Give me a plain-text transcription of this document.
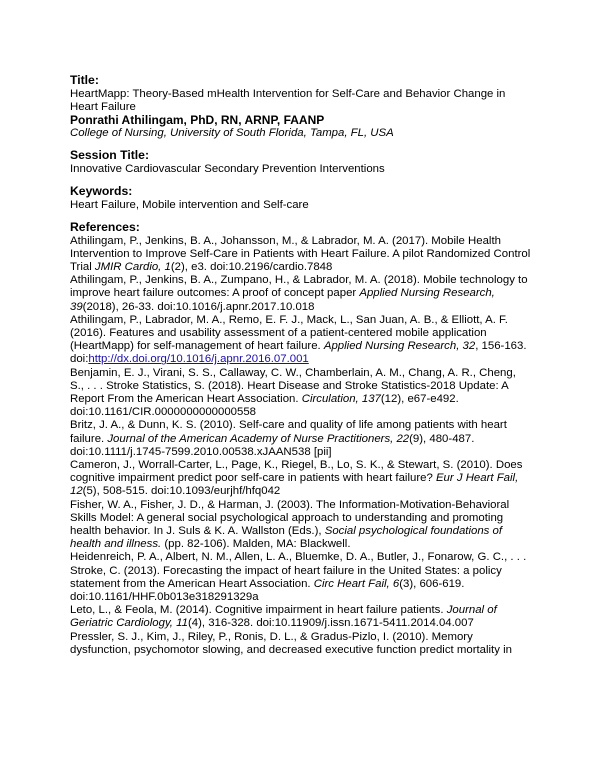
Title:
HeartMapp: Theory-Based mHealth Intervention for Self-Care and Behavior Change in Heart Failure
Ponrathi Athilingam, PhD, RN, ARNP, FAANP
College of Nursing, University of South Florida, Tampa, FL, USA
Session Title:
Innovative Cardiovascular Secondary Prevention Interventions
Keywords:
Heart Failure, Mobile intervention and Self-care
References:
Athilingam, P., Jenkins, B. A., Johansson, M., & Labrador, M. A. (2017). Mobile Health Intervention to Improve Self-Care in Patients with Heart Failure. A pilot Randomized Control Trial JMIR Cardio, 1(2), e3. doi:10.2196/cardio.7848
Athilingam, P., Jenkins, B. A., Zumpano, H., & Labrador, M. A. (2018). Mobile technology to improve heart failure outcomes: A proof of concept paper Applied Nursing Research, 39(2018), 26-33. doi:10.1016/j.apnr.2017.10.018
Athilingam, P., Labrador, M. A., Remo, E. F. J., Mack, L., San Juan, A. B., & Elliott, A. F. (2016). Features and usability assessment of a patient-centered mobile application (HeartMapp) for self-management of heart failure. Applied Nursing Research, 32, 156-163. doi:http://dx.doi.org/10.1016/j.apnr.2016.07.001
Benjamin, E. J., Virani, S. S., Callaway, C. W., Chamberlain, A. M., Chang, A. R., Cheng, S., . . . Stroke Statistics, S. (2018). Heart Disease and Stroke Statistics-2018 Update: A Report From the American Heart Association. Circulation, 137(12), e67-e492. doi:10.1161/CIR.0000000000000558
Britz, J. A., & Dunn, K. S. (2010). Self-care and quality of life among patients with heart failure. Journal of the American Academy of Nurse Practitioners, 22(9), 480-487. doi:10.1111/j.1745-7599.2010.00538.xJAAN538 [pii]
Cameron, J., Worrall-Carter, L., Page, K., Riegel, B., Lo, S. K., & Stewart, S. (2010). Does cognitive impairment predict poor self-care in patients with heart failure? Eur J Heart Fail, 12(5), 508-515. doi:10.1093/eurjhf/hfq042
Fisher, W. A., Fisher, J. D., & Harman, J. (2003). The Information-Motivation-Behavioral Skills Model: A general social psychological approach to understanding and promoting health behavior. In J. Suls & K. A. Wallston (Eds.), Social psychological foundations of health and illness. (pp. 82-106). Malden, MA: Blackwell.
Heidenreich, P. A., Albert, N. M., Allen, L. A., Bluemke, D. A., Butler, J., Fonarow, G. C., . . . Stroke, C. (2013). Forecasting the impact of heart failure in the United States: a policy statement from the American Heart Association. Circ Heart Fail, 6(3), 606-619. doi:10.1161/HHF.0b013e318291329a
Leto, L., & Feola, M. (2014). Cognitive impairment in heart failure patients. Journal of Geriatric Cardiology, 11(4), 316-328. doi:10.11909/j.issn.1671-5411.2014.04.007
Pressler, S. J., Kim, J., Riley, P., Ronis, D. L., & Gradus-Pizlo, I. (2010). Memory dysfunction, psychomotor slowing, and decreased executive function predict mortality in
